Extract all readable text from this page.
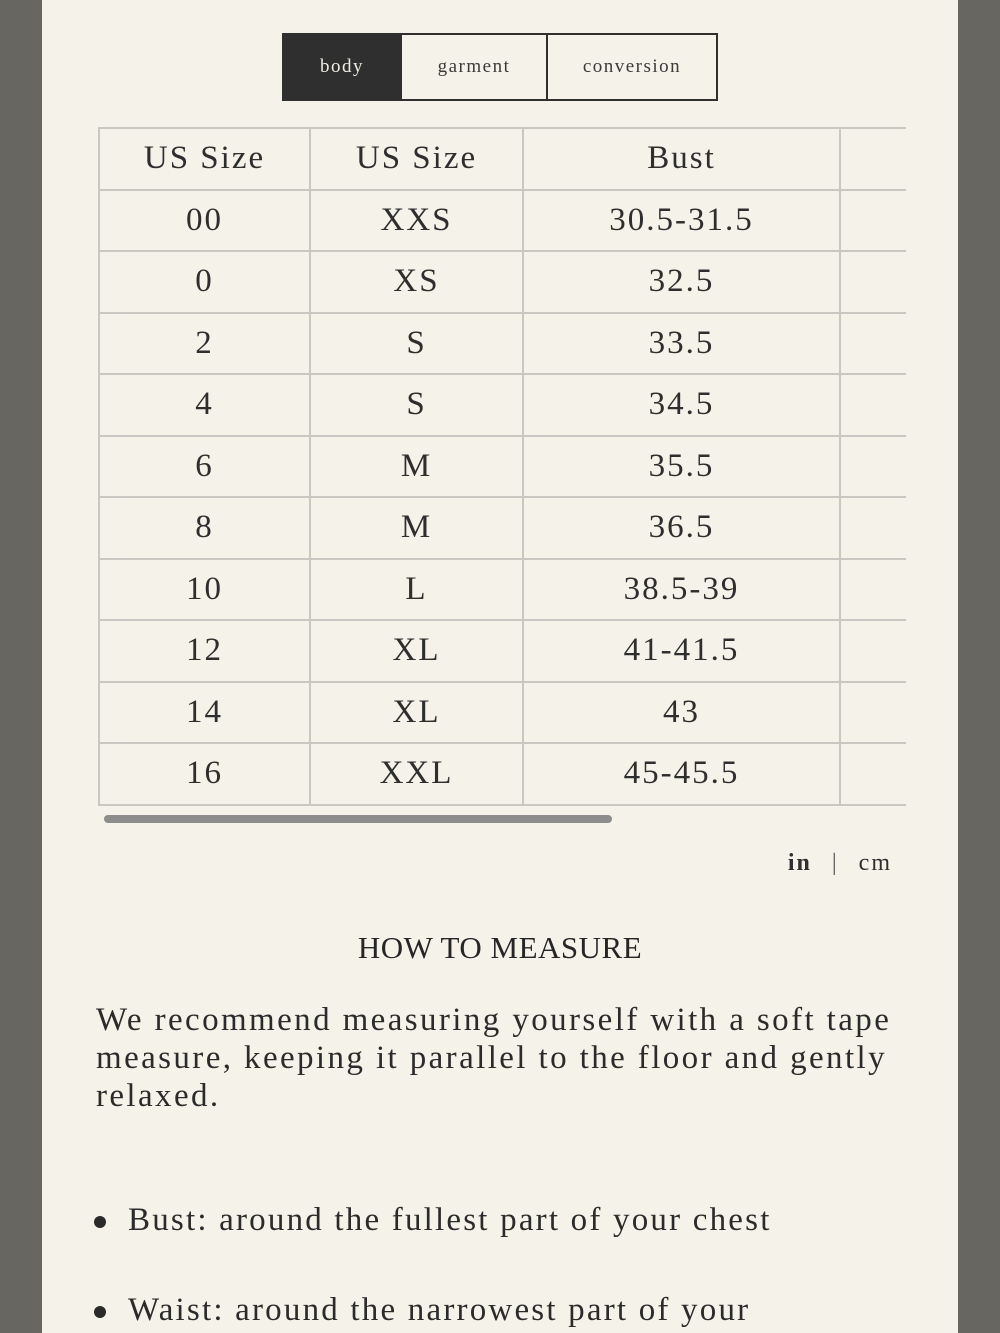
body	garment	conversion
US Size	US Size	Bust	
00	XXS	30.5-31.5	
0	XS	32.5	
2	S	33.5	
4	S	34.5	
6	M	35.5	
8	M	36.5	
10	L	38.5-39	
12	XL	41-41.5	
14	XL	43	
16	XXL	45-45.5	
in | cm
HOW TO MEASURE

We recommend measuring yourself with a soft tape measure, keeping it parallel to the floor and gently relaxed.

Bust: around the fullest part of your chest
Waist: around the narrowest part of your
